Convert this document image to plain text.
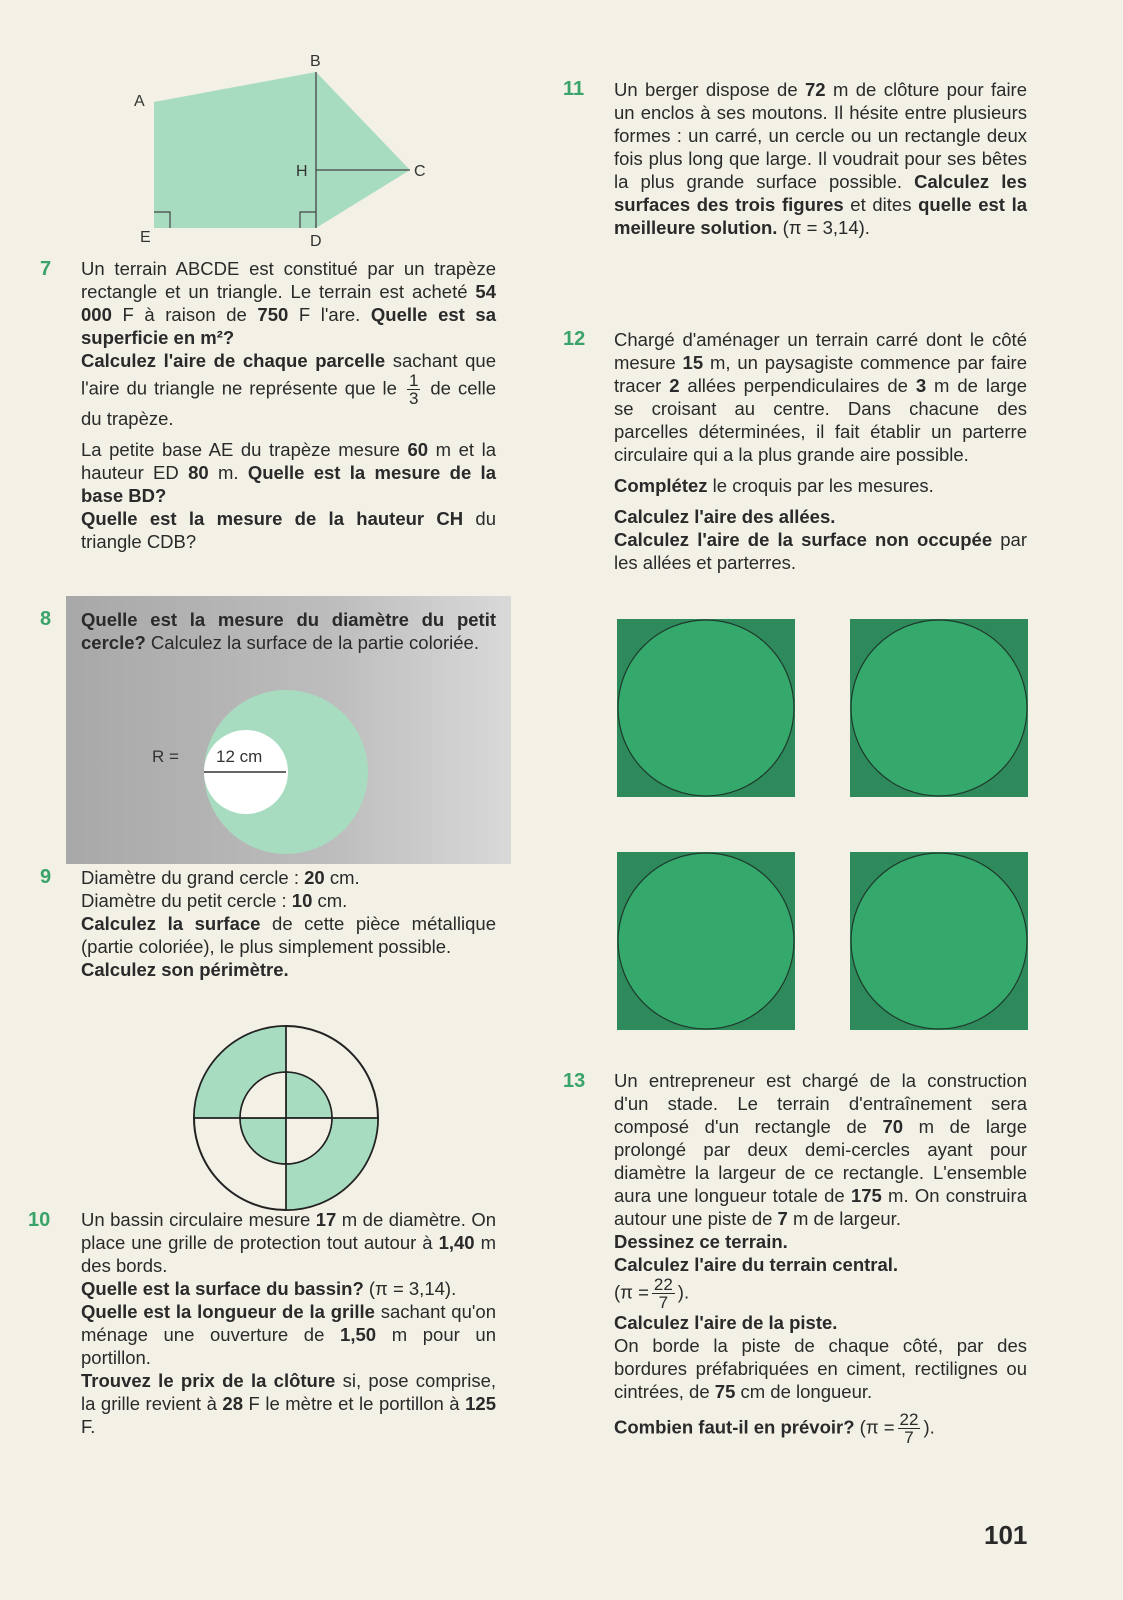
A
B
C
D
E
H
7 Un terrain ABCDE est constitué par un trapèze rectangle et un triangle. Le terrain est acheté 54 000 F à raison de 750 F l'are. Quelle est sa superficie en m²?

Calculez l'aire de chaque parcelle sachant que l'aire du triangle ne représente que le $\frac{1}{3}$ de celle du trapèze.

La petite base AE du trapèze mesure 60 m et la hauteur ED 80 m. Quelle est la mesure de la base BD?

Quelle est la mesure de la hauteur CH du triangle CDB?

8 Quelle est la mesure du diamètre du petit cercle? Calculez la surface de la partie coloriée.

R = 12 cm
9 Diamètre du grand cercle : 20 cm.

Diamètre du petit cercle : 10 cm.

Calculez la surface de cette pièce métallique (partie coloriée), le plus simplement possible.

Calculez son périmètre.

10 Un bassin circulaire mesure 17 m de diamètre. On place une grille de protection tout autour à 1,40 m des bords.

Quelle est la surface du bassin? (π = 3,14).

Quelle est la longueur de la grille sachant qu'on ménage une ouverture de 1,50 m pour un portillon.

Trouvez le prix de la clôture si, pose comprise, la grille revient à 28 F le mètre et le portillon à 125 F.

11 Un berger dispose de 72 m de clôture pour faire un enclos à ses moutons. Il hésite entre plusieurs formes : un carré, un cercle ou un rectangle deux fois plus long que large. Il voudrait pour ses bêtes la plus grande surface possible. Calculez les surfaces des trois figures et dites quelle est la meilleure solution. (π = 3,14).

12 Chargé d'aménager un terrain carré dont le côté mesure 15 m, un paysagiste commence par faire tracer 2 allées perpendiculaires de 3 m de large se croisant au centre. Dans chacune des parcelles déterminées, il fait établir un parterre circulaire qui a la plus grande aire possible.

Complétez le croquis par les mesures.

Calculez l'aire des allées.

Calculez l'aire de la surface non occupée par les allées et parterres.

13 Un entrepreneur est chargé de la construction d'un stade. Le terrain d'entraînement sera composé d'un rectangle de 70 m de large prolongé par deux demi-cercles ayant pour diamètre la largeur de ce rectangle. L'ensemble aura une longueur totale de 175 m. On construira autour une piste de 7 m de largeur.

Dessinez ce terrain.

Calculez l'aire du terrain central.

($\pi = \frac{22}{7}$ ).

Calculez l'aire de la piste.

On borde la piste de chaque côté, par des bordures préfabriquées en ciment, rectilignes ou cintrées, de 75 cm de longueur.

Combien faut-il en prévoir? ($\pi = \frac{22}{7}$ ).

101
